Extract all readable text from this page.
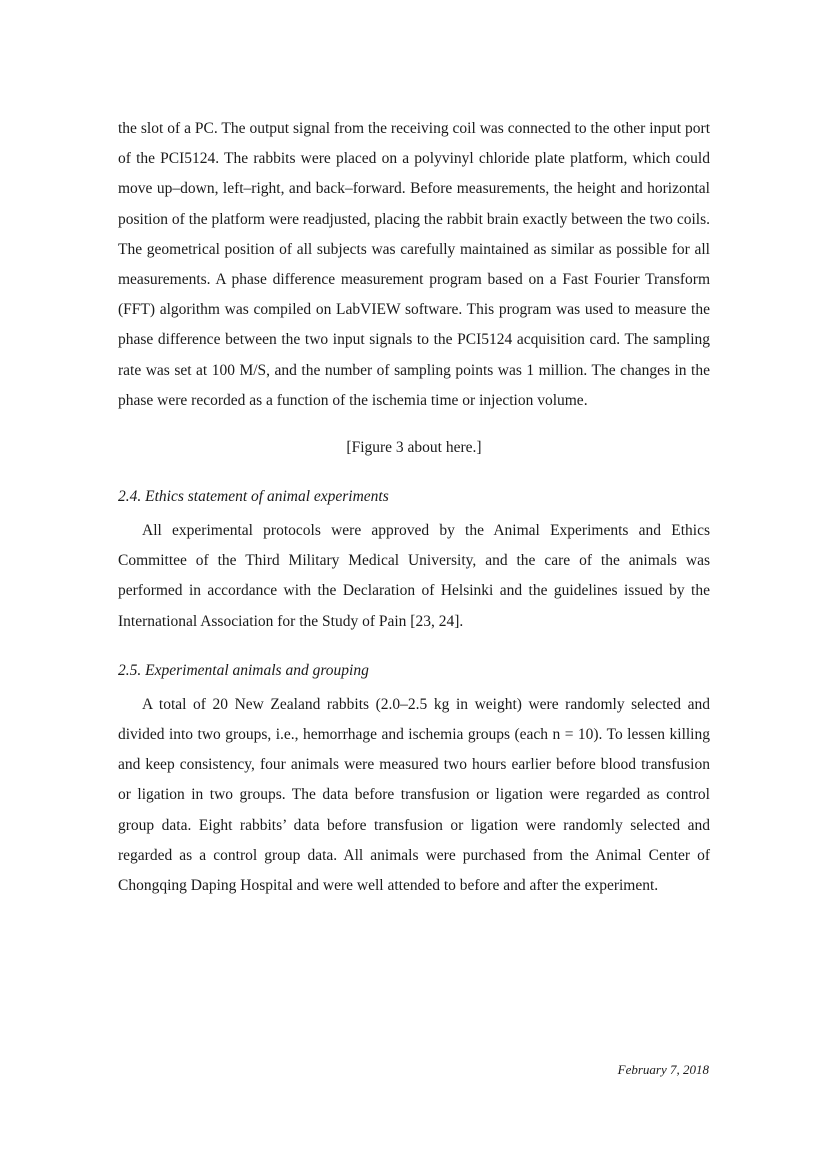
the slot of a PC. The output signal from the receiving coil was connected to the other input port of the PCI5124. The rabbits were placed on a polyvinyl chloride plate platform, which could move up–down, left–right, and back–forward. Before measurements, the height and horizontal position of the platform were readjusted, placing the rabbit brain exactly between the two coils. The geometrical position of all subjects was carefully maintained as similar as possible for all measurements. A phase difference measurement program based on a Fast Fourier Transform (FFT) algorithm was compiled on LabVIEW software. This program was used to measure the phase difference between the two input signals to the PCI5124 acquisition card. The sampling rate was set at 100 M/S, and the number of sampling points was 1 million. The changes in the phase were recorded as a function of the ischemia time or injection volume.

[Figure 3 about here.]
2.4. Ethics statement of animal experiments

All experimental protocols were approved by the Animal Experiments and Ethics Committee of the Third Military Medical University, and the care of the animals was performed in accordance with the Declaration of Helsinki and the guidelines issued by the International Association for the Study of Pain [23, 24].

2.5. Experimental animals and grouping

A total of 20 New Zealand rabbits (2.0–2.5 kg in weight) were randomly selected and divided into two groups, i.e., hemorrhage and ischemia groups (each n = 10). To lessen killing and keep consistency, four animals were measured two hours earlier before blood transfusion or ligation in two groups. The data before transfusion or ligation were regarded as control group data. Eight rabbits’ data before transfusion or ligation were randomly selected and regarded as a control group data. All animals were purchased from the Animal Center of Chongqing Daping Hospital and were well attended to before and after the experiment.

February 7, 2018
